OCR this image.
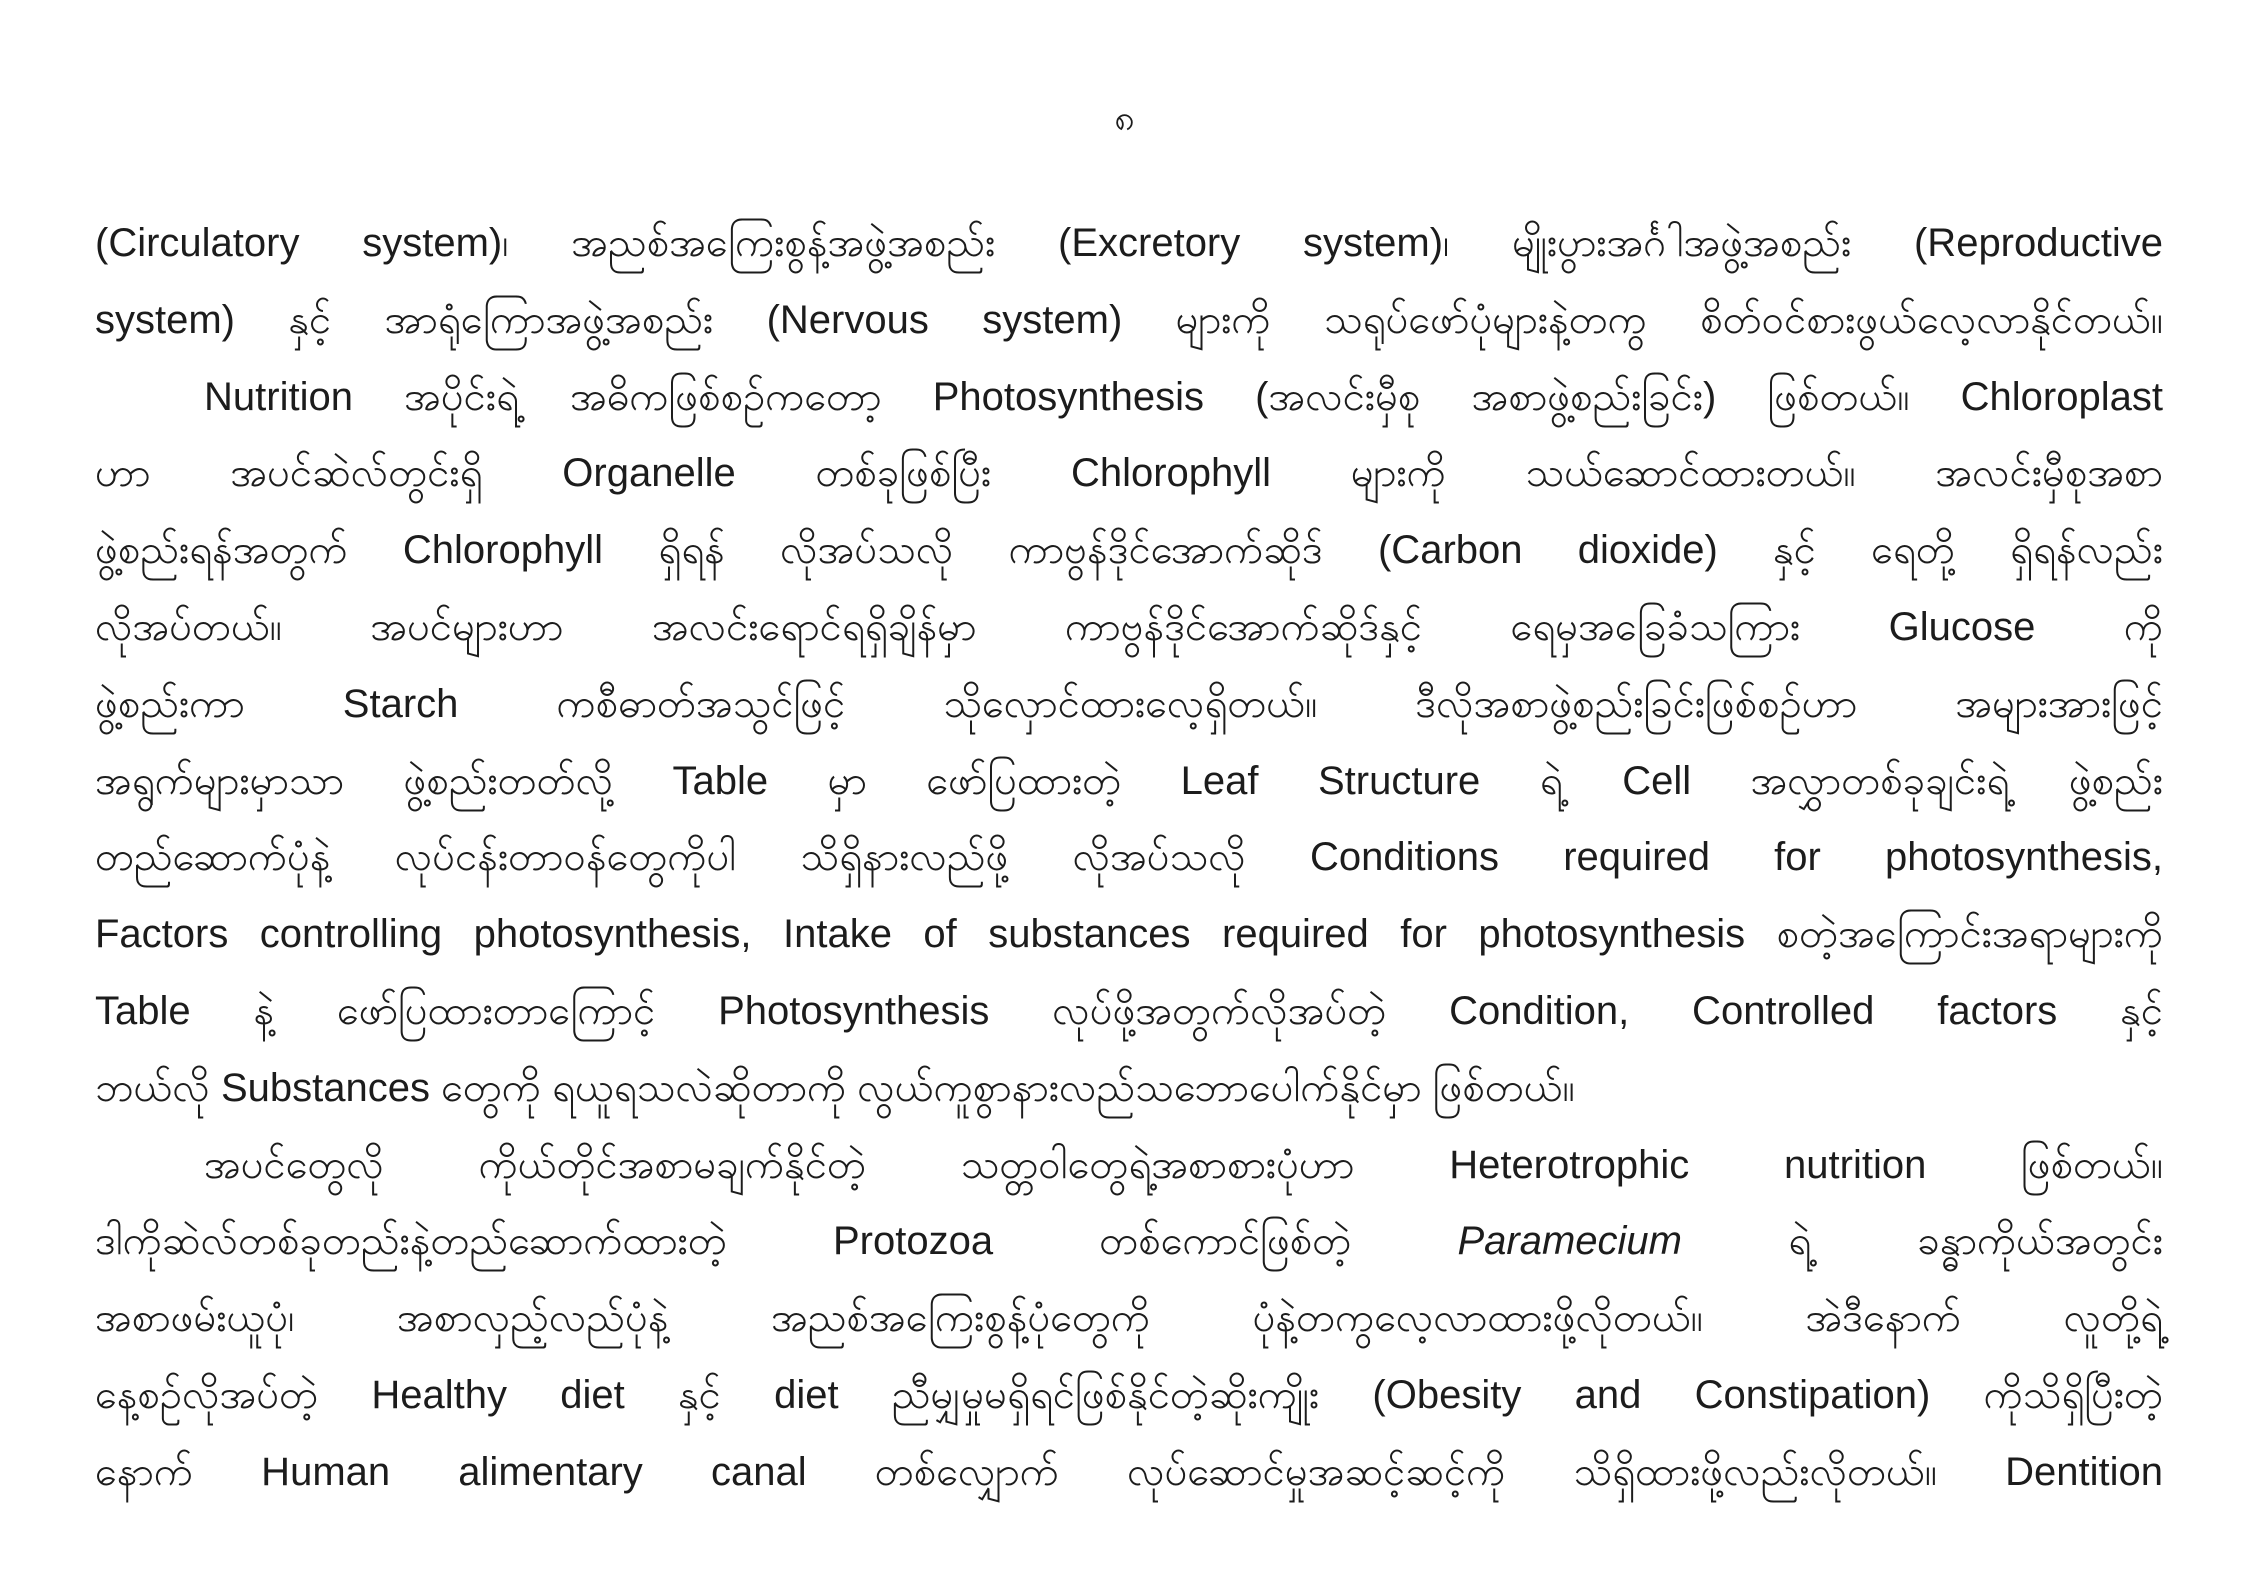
၈
(Circulatory system)၊ အညစ်အကြေးစွန့်အဖွဲ့အစည်း (Excretory system)၊ မျိုးပွားအင်္ဂါအဖွဲ့အစည်း (Reproductive
system) နှင့် အာရုံကြောအဖွဲ့အစည်း (Nervous system) များကို သရုပ်ဖော်ပုံများနဲ့တကွ စိတ်ဝင်စားဖွယ်လေ့လာနိုင်တယ်။
Nutrition အပိုင်းရဲ့ အဓိကဖြစ်စဉ်ကတော့ Photosynthesis (အလင်းမှီစု အစာဖွဲ့စည်းခြင်း) ဖြစ်တယ်။ Chloroplast
ဟာ အပင်ဆဲလ်တွင်းရှိ Organelle တစ်ခုဖြစ်ပြီး Chlorophyll များကို သယ်ဆောင်ထားတယ်။ အလင်းမှီစုအစာ
ဖွဲ့စည်းရန်အတွက် Chlorophyll ရှိရန် လိုအပ်သလို ကာဗွန်ဒိုင်အောက်ဆိုဒ် (Carbon dioxide) နှင့် ရေတို့ ရှိရန်လည်း
လိုအပ်တယ်။ အပင်များဟာ အလင်းရောင်ရရှိချိန်မှာ ကာဗွန်ဒိုင်အောက်ဆိုဒ်နှင့် ရေမှအခြေခံသကြား Glucose ကို
ဖွဲ့စည်းကာ Starch ကစီဓာတ်အသွင်ဖြင့် သိုလှောင်ထားလေ့ရှိတယ်။ ဒီလိုအစာဖွဲ့စည်းခြင်းဖြစ်စဉ်ဟာ အများအားဖြင့်
အရွက်များမှာသာ ဖွဲ့စည်းတတ်လို့ Table မှာ ဖော်ပြထားတဲ့ Leaf Structure ရဲ့ Cell အလွှာတစ်ခုချင်းရဲ့ ဖွဲ့စည်း
တည်ဆောက်ပုံနဲ့ လုပ်ငန်းတာဝန်တွေကိုပါ သိရှိနားလည်ဖို့ လိုအပ်သလို Conditions required for photosynthesis,
Factors controlling photosynthesis, Intake of substances required for photosynthesis စတဲ့အကြောင်းအရာများကို
Table နဲ့ ဖော်ပြထားတာကြောင့် Photosynthesis လုပ်ဖို့အတွက်လိုအပ်တဲ့ Condition, Controlled factors နှင့်
ဘယ်လို Substances တွေကို ရယူရသလဲဆိုတာကို လွယ်ကူစွာနားလည်သဘောပေါက်နိုင်မှာ ဖြစ်တယ်။
အပင်တွေလို ကိုယ်တိုင်အစာမချက်နိုင်တဲ့ သတ္တဝါတွေရဲ့အစာစားပုံဟာ Heterotrophic nutrition ဖြစ်တယ်။
ဒါကိုဆဲလ်တစ်ခုတည်းနဲ့တည်ဆောက်ထားတဲ့ Protozoa တစ်ကောင်ဖြစ်တဲ့ Paramecium ရဲ့ ခန္ဓာကိုယ်အတွင်း
အစာဖမ်းယူပုံ၊ အစာလှည့်လည်ပုံနဲ့ အညစ်အကြေးစွန့်ပုံတွေကို ပုံနဲ့တကွလေ့လာထားဖို့လိုတယ်။ အဲဒီနောက် လူတို့ရဲ့
နေ့စဉ်လိုအပ်တဲ့ Healthy diet နှင့် diet ညီမျှမှုမရှိရင်ဖြစ်နိုင်တဲ့ဆိုးကျိုး (Obesity and Constipation) ကိုသိရှိပြီးတဲ့
နောက် Human alimentary canal တစ်လျှောက် လုပ်ဆောင်မှုအဆင့်ဆင့်ကို သိရှိထားဖို့လည်းလိုတယ်။ Dentition
